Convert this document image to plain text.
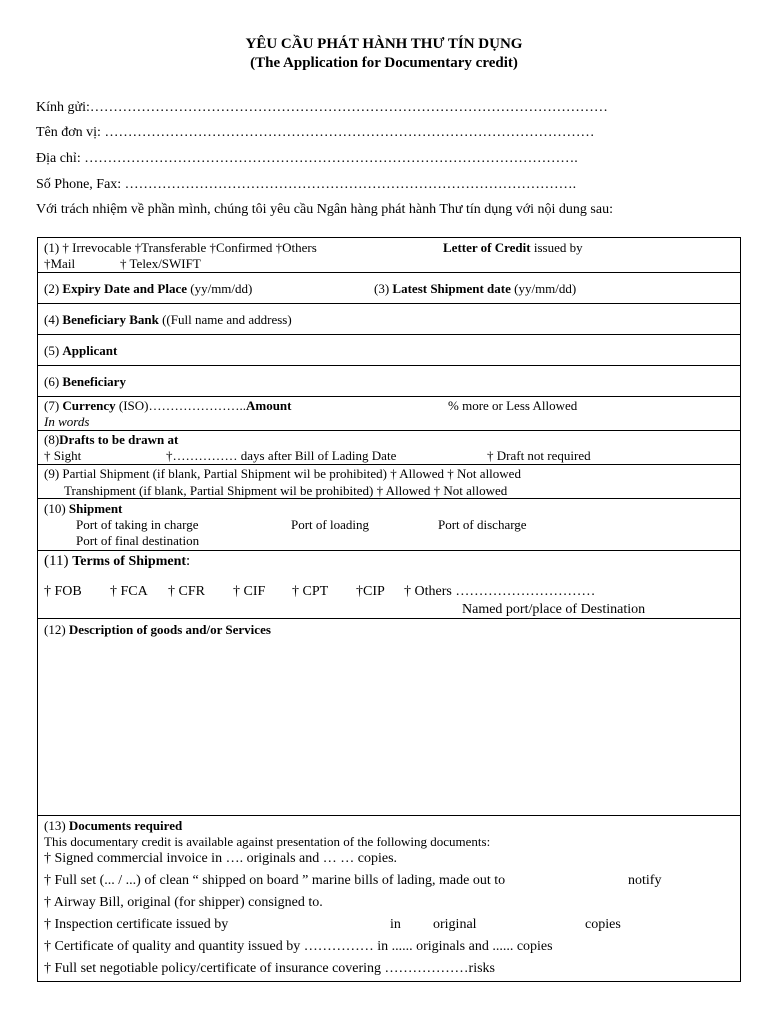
YÊU CẦU PHÁT HÀNH THƯ TÍN DỤNG
(The Application for Documentary credit)
Kính gửi:…………………………………………………………………………………………………
Tên đơn vị: ……………………………………………………………………………………………
Địa chỉ: …………………………………………………………………………………………….
Số Phone, Fax: …………………………………………………………………………………….
Với trách nhiệm về phần mình, chúng tôi yêu cầu Ngân hàng phát hành Thư tín dụng với nội dung sau:
(1) † Irrevocable †Transferable †Confirmed †Others	Letter of Credit issued by
†Mail	† Telex/SWIFT
(2) Expiry Date and Place (yy/mm/dd)	(3) Latest Shipment date (yy/mm/dd)
(4) Beneficiary Bank ((Full name and address)
(5) Applicant
(6) Beneficiary
(7) Currency (ISO)…………………..Amount	% more or Less Allowed
In words
(8)Drafts to be drawn at
† Sight	†…………… days after Bill of Lading Date	† Draft not required
(9) Partial Shipment (if blank, Partial Shipment wil be prohibited) † Allowed † Not allowed
Transhipment (if blank, Partial Shipment wil be prohibited) † Allowed † Not allowed
(10) Shipment
Port of taking in charge	Port of loading	Port of discharge
Port of final destination
(11) Terms of Shipment:
† FOB † FCA † CFR † CIF † CPT †CIP † Others …………………………
Named port/place of Destination
(12) Description of goods and/or Services
(13) Documents required
This documentary credit is available against presentation of the following documents:
† Signed commercial invoice in …. originals and … … copies.
† Full set (... / ...) of clean “ shipped on board ” marine bills of lading, made out to	notify
† Airway Bill, original (for shipper) consigned to.
† Inspection certificate issued by	in original	copies
† Certificate of quality and quantity issued by …………… in ...... originals and ...... copies
† Full set negotiable policy/certificate of insurance covering ………………risks
